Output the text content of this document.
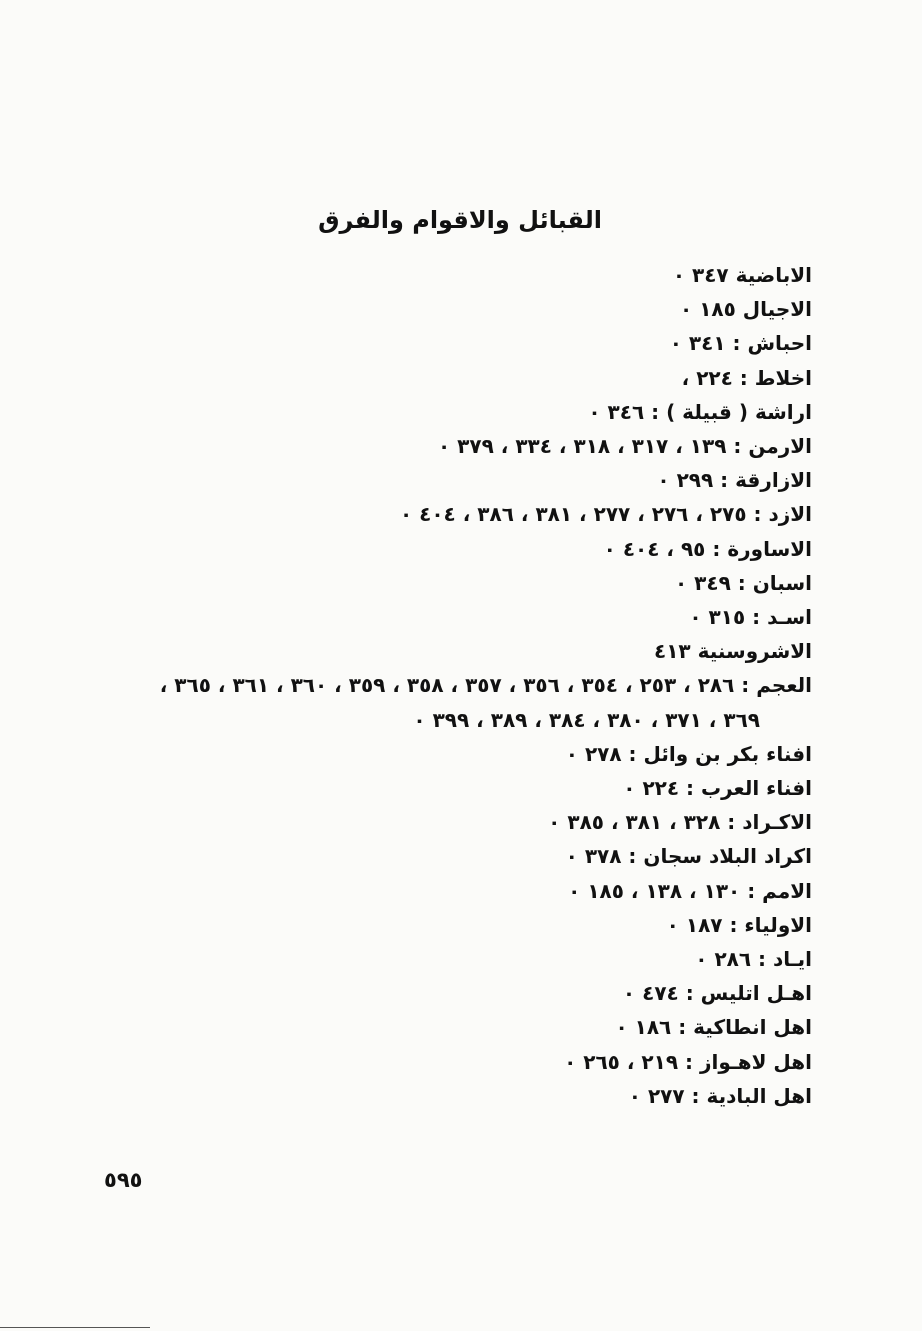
القبائل والاقوام والفرق
الاباضية ٣٤٧ ٠
الاجيال ١٨٥ ٠
احباش : ٣٤١ ٠
اخلاط : ٢٢٤ ،
اراشة ( قبيلة ) : ٣٤٦ ٠
الارمن : ١٣٩ ، ٣١٧ ، ٣١٨ ، ٣٣٤ ، ٣٧٩ ٠
الازارقة : ٢٩٩ ٠
الازد : ٢٧٥ ، ٢٧٦ ، ٢٧٧ ، ٣٨١ ، ٣٨٦ ، ٤٠٤ ٠
الاساورة : ٩٥ ، ٤٠٤ ٠
اسبان : ٣٤٩ ٠
اسـد : ٣١٥ ٠
الاشروسنية ٤١٣
العجم : ٢٨٦ ، ٢٥٣ ، ٣٥٤ ، ٣٥٦ ، ٣٥٧ ، ٣٥٨ ، ٣٥٩ ، ٣٦٠ ، ٣٦١ ، ٣٦٥ ،
٣٦٩ ، ٣٧١ ، ٣٨٠ ، ٣٨٤ ، ٣٨٩ ، ٣٩٩ ٠
افناء بكر بن وائل : ٢٧٨ ٠
افناء العرب : ٢٢٤ ٠
الاكـراد : ٣٢٨ ، ٣٨١ ، ٣٨٥ ٠
اكراد البلاد سجان : ٣٧٨ ٠
الامم : ١٣٠ ، ١٣٨ ، ١٨٥ ٠
الاولياء : ١٨٧ ٠
ايـاد : ٢٨٦ ٠
اهـل اتليس : ٤٧٤ ٠
اهل انطاكية : ١٨٦ ٠
اهل لاهـواز : ٢١٩ ، ٢٦٥ ٠
اهل البادية : ٢٧٧ ٠
٥٩٥
